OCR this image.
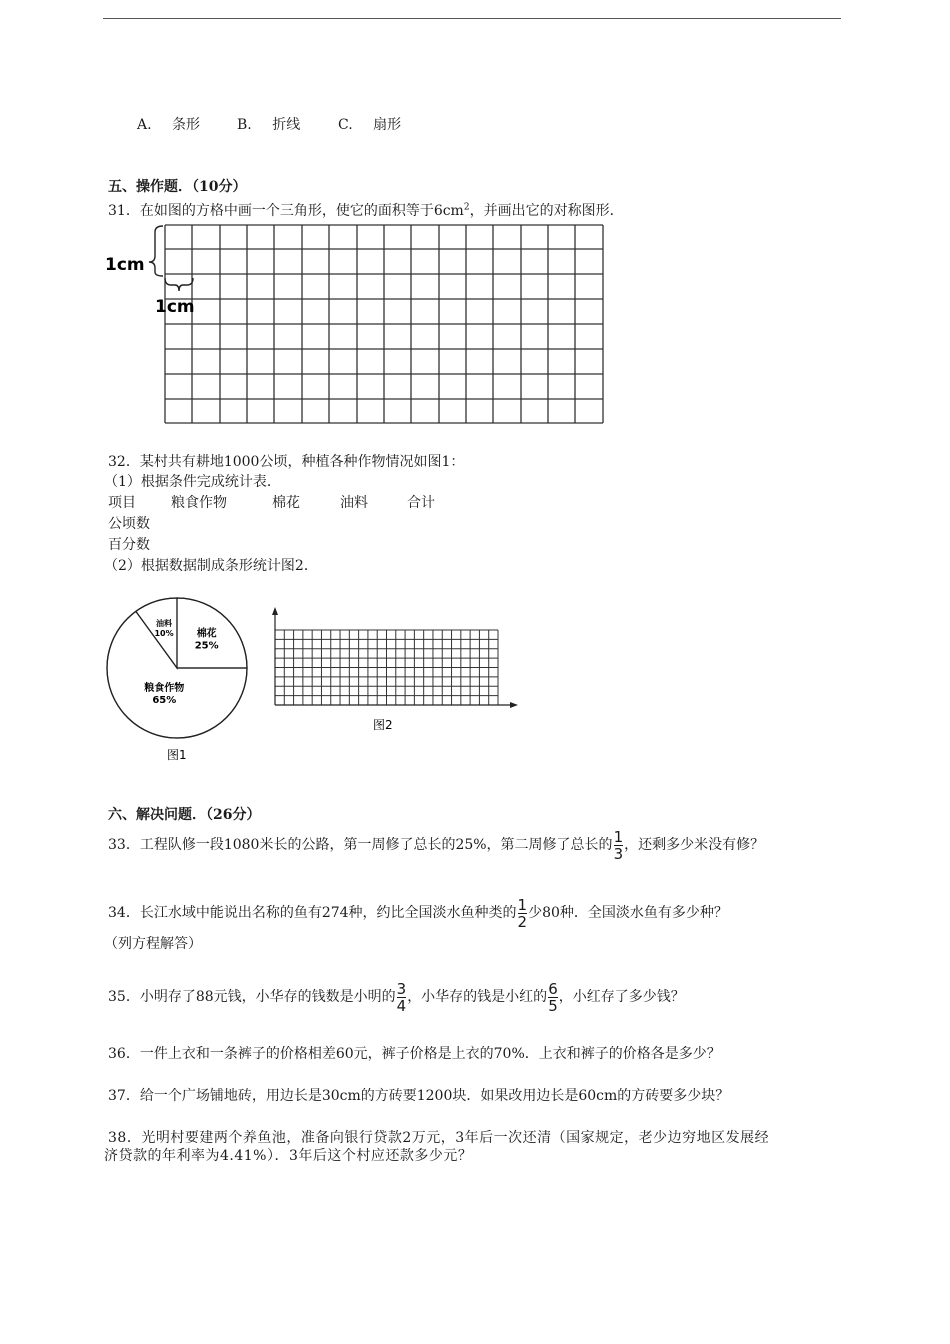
A. 条形	B. 折线	C. 扇形
五、操作题．（10分）
31．在如图的方格中画一个三角形，使它的面积等于$6cm^2$，并画出它的对称图形．
1cm
1cm
32．某村共有耕地1000公顷，种植各种作物情况如图1：
（1）根据条件完成统计表．
项目	粮食作物	棉花	油料	合计
公顷数
百分数
（2）根据数据制成条形统计图2．
油料
10% 棉花
25%
粮食作物
65%
图1
图2
六、解决问题．（26分）
33．工程队修一段1080米长的公路，第一周修了总长的25%，第二周修了总长的 $\frac{1}{3}$ ，还剩多少米没有修？
34．长江水域中能说出名称的鱼有274种，约比全国淡水鱼种类的 $\frac{1}{2}$ 少80种．全国淡水鱼有多少种？
（列方程解答）
35．小明存了88元钱，小华存的钱数是小明的 $\frac{3}{4}$ ，小华存的钱是小红的 $\frac{6}{5}$ ，小红存了多少钱？
36．一件上衣和一条裤子的价格相差60元，裤子价格是上衣的70%．上衣和裤子的价格各是多少？
37．给一个广场铺地砖，用边长是30cm的方砖要1200块．如果改用边长是60cm的方砖要多少块？
38．光明村要建两个养鱼池，准备向银行贷款2万元，3年后一次还清（国家规定，老少边穷地区发展经
济贷款的年利率为4.41%）．3年后这个村应还款多少元？
